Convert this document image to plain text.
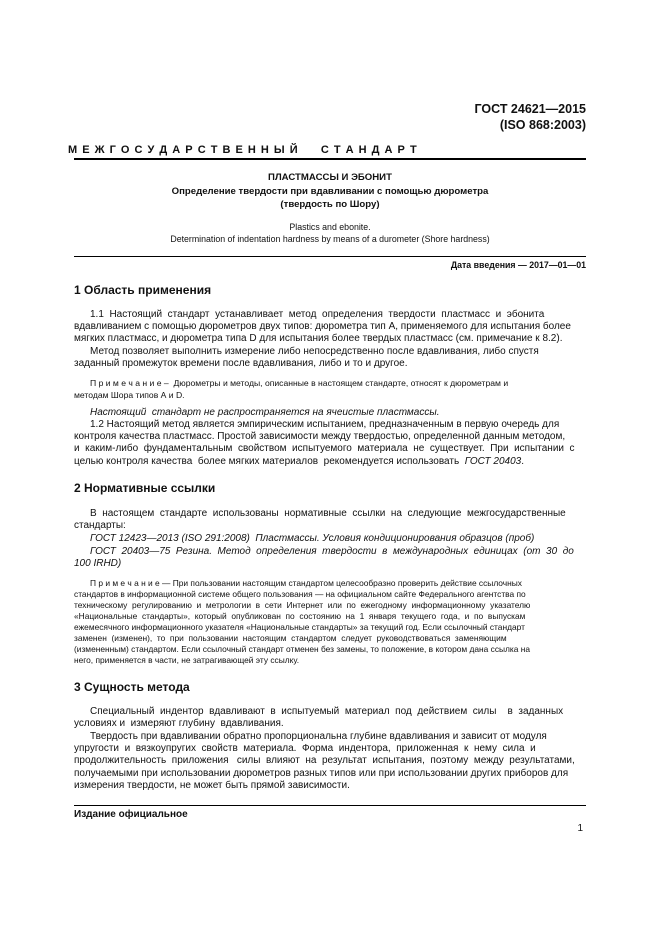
ГОСТ 24621—2015
(ISO 868:2003)
М Е Ж Г О С У Д А Р С Т В Е Н Н Ы Й     С Т А Н Д А Р Т
ПЛАСТМАССЫ И ЭБОНИТ
Определение твердости при вдавливании с помощью дюрометра
(твердость по Шору)
Plastics and ebonite.
Determination of indentation hardness by means of a durometer (Shore hardness)
Дата введения — 2017—01—01
1 Область применения
1.1  Настоящий  стандарт  устанавливает  метод  определения  твердости  пластмасс  и  эбонита
вдавливанием с помощью дюрометров двух типов: дюрометра тип А, применяемого для испытания более
мягких пластмасс, и дюрометра типа D для испытания более твердых пластмасс (см. примечание к 8.2).
Метод позволяет выполнить измерение либо непосредственно после вдавливания, либо спустя
заданный промежуток времени после вдавливания, либо и то и другое.
П р и м е ч а н и е –  Дюрометры и методы, описанные в настоящем стандарте, относят к дюрометрам и
методам Шора типов А и D.
Настоящий  стандарт не распространяется на ячеистые пластмассы.
1.2 Настоящий метод является эмпирическим испытанием, предназначенным в первую очередь для
контроля качества пластмасс. Простой зависимости между твердостью, определенной данным методом,
и  каким-либо  фундаментальным  свойством  испытуемого  материала  не  существует.  При  испытании  с
целью контроля качества  более мягких материалов  рекомендуется использовать  ГОСТ 20403.
2 Нормативные ссылки
В  настоящем  стандарте  использованы  нормативные  ссылки  на  следующие  межгосударственные
стандарты:
ГОСТ 12423—2013 (ISO 291:2008)  Пластмассы. Условия кондиционирования образцов (проб)
ГОСТ  20403—75  Резина.  Метод  определения  твердости  в  международных  единицах  (от  30  до
100 IRHD)
П р и м е ч а н и е — При пользовании настоящим стандартом целесообразно проверить действие ссылочных
стандартов в информационной системе общего пользования — на официальном сайте Федерального агентства по
техническому  регулированию  и  метрологии  в  сети  Интернет  или  по  ежегодному  информационному  указателю
«Национальные  стандарты»,  который  опубликован  по  состоянию  на  1  января  текущего  года,  и  по  выпускам
ежемесячного информационного указателя «Национальные стандарты» за текущий год. Если ссылочный стандарт
заменен  (изменен),  то  при  пользовании  настоящим  стандартом  следует  руководствоваться  заменяющим
(измененным) стандартом. Если ссылочный стандарт отменен без замены, то положение, в котором дана ссылка на
него, применяется в части, не затрагивающей эту ссылку.
3 Сущность метода
Специальный  индентор  вдавливают  в  испытуемый  материал  под  действием  силы    в  заданных
условиях и  измеряют глубину  вдавливания.
Твердость при вдавливании обратно пропорциональна глубине вдавливания и зависит от модуля
упругости  и  вязкоупругих  свойств  материала.  Форма  индентора,  приложенная  к  нему  сила  и
продолжительность  приложения   силы  влияют  на  результат  испытания,  поэтому  между  результатами,
получаемыми при использовании дюрометров разных типов или при использовании других приборов для
измерения твердости, не может быть прямой зависимости.
Издание официальное
1
